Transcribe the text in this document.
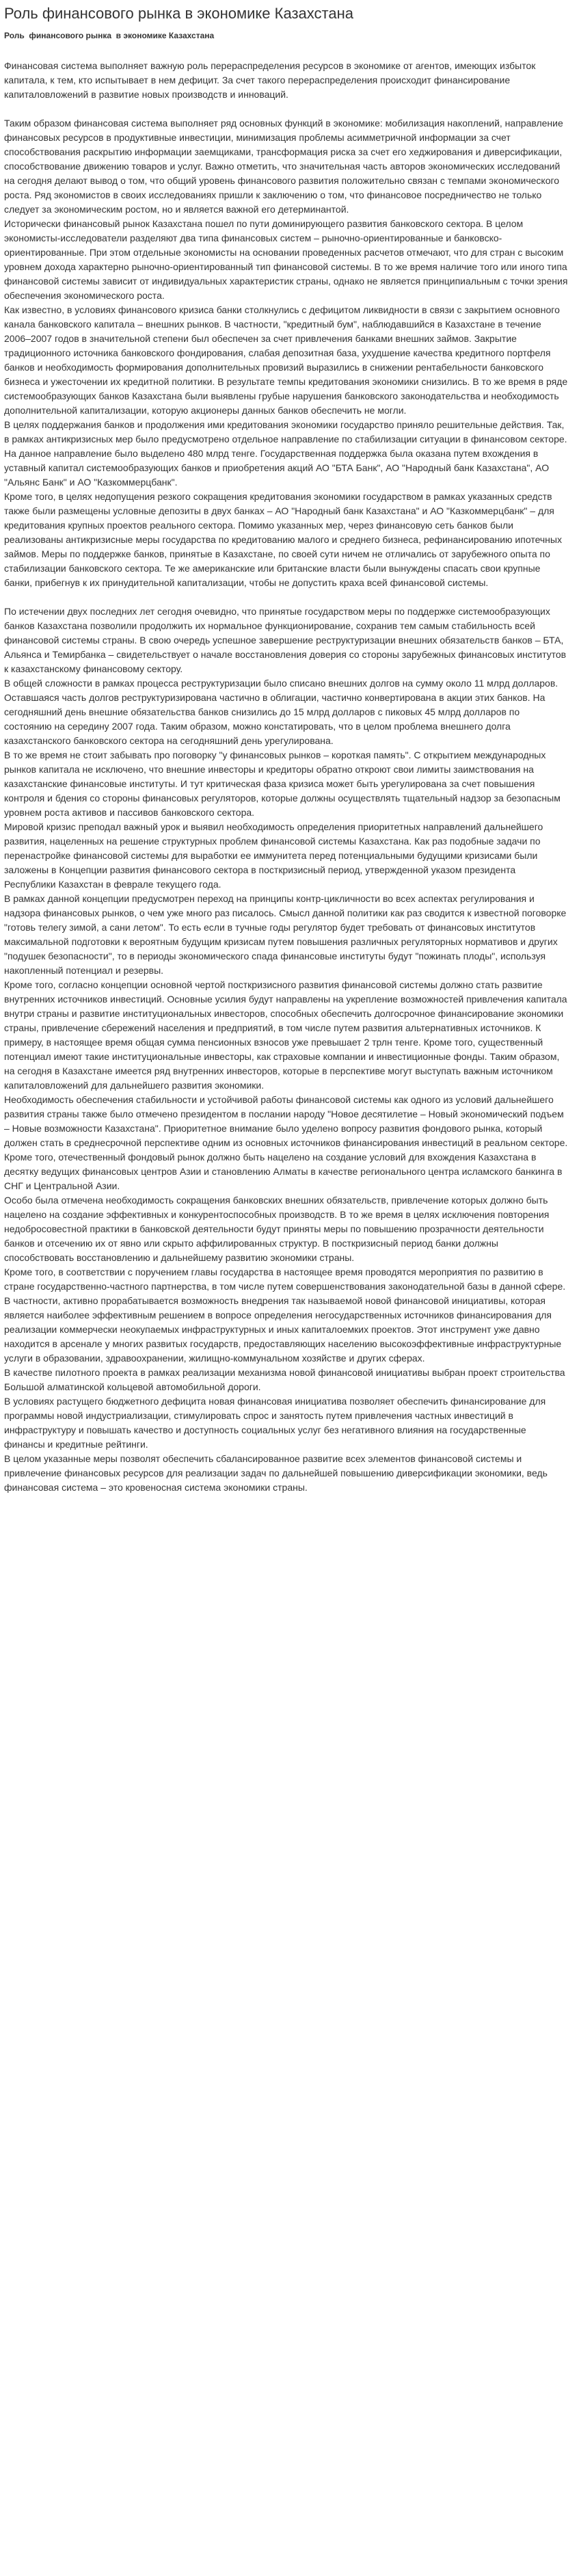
Роль финансового рынка в экономике Казахстана
Роль  финансового рынка  в экономике Казахстана

Финансовая система выполняет важную роль перераспределения ресурсов в экономике от агентов, имеющих избыток капитала, к тем, кто испытывает в нем дефицит. За счет такого перераспределения происходит финансирование капиталовложений в развитие новых производств и инноваций.

Таким образом финансовая система выполняет ряд основных функций в экономике: мобилизация накоплений, направление финансовых ресурсов в продуктивные инвестиции, минимизация проблемы асимметричной информации за счет способствования раскрытию информации заемщиками, трансформация риска за счет его хеджирования и диверсификации, способствование движению товаров и услуг. Важно отметить, что значительная часть авторов экономических исследований на сегодня делают вывод о том, что общий уровень финансового развития положительно связан с темпами экономического роста. Ряд экономистов в своих исследованиях пришли к заключению о том, что финансовое посредничество не только следует за экономическим ростом, но и является важной его детерминантой.

Исторически финансовый рынок Казахстана пошел по пути доминирующего развития банковского сектора. В целом экономисты-исследователи разделяют два типа финансовых систем – рыночно-ориентированные и банковско-ориентированные. При этом отдельные экономисты на основании проведенных расчетов отмечают, что для стран с высоким уровнем дохода характерно рыночно-ориентированный тип финансовой системы. В то же время наличие того или иного типа финансовой системы зависит от индивидуальных характеристик страны, однако не является принципиальным с точки зрения обеспечения экономического роста.

Как известно, в условиях финансового кризиса банки столкнулись с дефицитом ликвидности в связи с закрытием основного канала банковского капитала – внешних рынков. В частности, "кредитный бум", наблюдавшийся в Казахстане в течение 2006–2007 годов в значительной степени был обеспечен за счет привлечения банками внешних займов. Закрытие традиционного источника банковского фондирования, слабая депозитная база, ухудшение качества кредитного портфеля банков и необходимость формирования дополнительных провизий выразились в снижении рентабельности банковского бизнеса и ужесточении их кредитной политики. В результате темпы кредитования экономики снизились. В то же время в ряде системообразующих банков Казахстана были выявлены грубые нарушения банковского законодательства и необходимость дополнительной капитализации, которую акционеры данных банков обеспечить не могли.

В целях поддержания банков и продолжения ими кредитования экономики государство приняло решительные действия. Так, в рамках антикризисных мер было предусмотрено отдельное направление по стабилизации ситуации в финансовом секторе. На данное направление было выделено 480 млрд тенге. Государственная поддержка была оказана путем вхождения в уставный капитал системообразующих банков и приобретения акций АО "БТА Банк", АО "Народный банк Казахстана", АО "Альянс Банк" и АО "Казкоммерцбанк".

Кроме того, в целях недопущения резкого сокращения кредитования экономики государством в рамках указанных средств также были размещены условные депозиты в двух банках – АО "Народный банк Казахстана" и АО "Казкоммерцбанк" – для кредитования крупных проектов реального сектора. Помимо указанных мер, через финансовую сеть банков были реализованы антикризисные меры государства по кредитованию малого и среднего бизнеса, рефинансированию ипотечных займов. Меры по поддержке банков, принятые в Казахстане, по своей сути ничем не отличались от зарубежного опыта по стабилизации банковского сектора. Те же американские или британские власти были вынуждены спасать свои крупные банки, прибегнув к их принудительной капитализации, чтобы не допустить краха всей финансовой системы.

По истечении двух последних лет сегодня очевидно, что принятые государством меры по поддержке системообразующих банков Казахстана позволили продолжить их нормальное функционирование, сохранив тем самым стабильность всей финансовой системы страны. В свою очередь успешное завершение реструктуризации внешних обязательств банков – БТА, Альянса и Темирбанка – свидетельствует о начале восстановления доверия со стороны зарубежных финансовых институтов к казахстанскому финансовому сектору.

В общей сложности в рамках процесса реструктуризации было списано внешних долгов на сумму около 11 млрд долларов. Оставшаяся часть долгов реструктуризирована частично в облигации, частично конвертирована в акции этих банков. На сегодняшний день внешние обязательства банков снизились до 15 млрд долларов с пиковых 45 млрд долларов по состоянию на середину 2007 года. Таким образом, можно констатировать, что в целом проблема внешнего долга казахстанского банковского сектора на сегодняшний день урегулирована.

В то же время не стоит забывать про поговорку "у финансовых рынков – короткая память". С открытием международных рынков капитала не исключено, что внешние инвесторы и кредиторы обратно откроют свои лимиты заимствования на казахстанские финансовые институты. И тут критическая фаза кризиса может быть урегулирована за счет повышения контроля и бдения со стороны финансовых регуляторов, которые должны осуществлять тщательный надзор за безопасным уровнем роста активов и пассивов банковского сектора.

Мировой кризис преподал важный урок и выявил необходимость определения приоритетных направлений дальнейшего развития, нацеленных на решение структурных проблем финансовой системы Казахстана. Как раз подобные задачи по перенастройке финансовой системы для выработки ее иммунитета перед потенциальными будущими кризисами были заложены в Концепции развития финансового сектора в посткризисный период, утвержденной указом президента Республики Казахстан в феврале текущего года.

В рамках данной концепции предусмотрен переход на принципы контр-цикличности во всех аспектах регулирования и надзора финансовых рынков, о чем уже много раз писалось. Смысл данной политики как раз сводится к известной поговорке "готовь телегу зимой, а сани летом". То есть если в тучные годы регулятор будет требовать от финансовых институтов максимальной подготовки к вероятным будущим кризисам путем повышения различных регуляторных нормативов и других "подушек безопасности", то в периоды экономического спада финансовые институты будут "пожинать плоды", используя накопленный потенциал и резервы.

Кроме того, согласно концепции основной чертой посткризисного развития финансовой системы должно стать развитие внутренних источников инвестиций. Основные усилия будут направлены на укрепление возможностей привлечения капитала внутри страны и развитие институциональных инвесторов, способных обеспечить долгосрочное финансирование экономики страны, привлечение сбережений населения и предприятий, в том числе путем развития альтернативных источников. К примеру, в настоящее время общая сумма пенсионных взносов уже превышает 2 трлн тенге. Кроме того, существенный потенциал имеют такие институциональные инвесторы, как страховые компании и инвестиционные фонды. Таким образом, на сегодня в Казахстане имеется ряд внутренних инвесторов, которые в перспективе могут выступать важным источником капиталовложений для дальнейшего развития экономики.

Необходимость обеспечения стабильности и устойчивой работы финансовой системы как одного из условий дальнейшего развития страны также было отмечено президентом в послании народу "Новое десятилетие – Новый экономический подъем – Новые возможности Казахстана". Приоритетное внимание было уделено вопросу развития фондового рынка, который должен стать в среднесрочной перспективе одним из основных источников финансирования инвестиций в реальном секторе. Кроме того, отечественный фондовый рынок должно быть нацелено на создание условий для вхождения Казахстана в десятку ведущих финансовых центров Азии и становлению Алматы в качестве регионального центра исламского банкинга в СНГ и Центральной Азии.

Особо была отмечена необходимость сокращения банковских внешних обязательств, привлечение которых должно быть нацелено на создание эффективных и конкурентоспособных производств. В то же время в целях исключения повторения недобросовестной практики в банковской деятельности будут приняты меры по повышению прозрачности деятельности банков и отсечению их от явно или скрыто аффилированных структур. В посткризисный период банки должны способствовать восстановлению и дальнейшему развитию экономики страны.

Кроме того, в соответствии с поручением главы государства в настоящее время проводятся мероприятия по развитию в стране государственно-частного партнерства, в том числе путем совершенствования законодательной базы в данной сфере.

В частности, активно прорабатывается возможность внедрения так называемой новой финансовой инициативы, которая является наиболее эффективным решением в вопросе определения негосударственных источников финансирования для реализации коммерчески неокупаемых инфраструктурных и иных капиталоемких проектов. Этот инструмент уже давно находится в арсенале у многих развитых государств, предоставляющих населению высокоэффективные инфраструктурные услуги в образовании, здравоохранении, жилищно-коммунальном хозяйстве и других сферах.

В качестве пилотного проекта в рамках реализации механизма новой финансовой инициативы выбран проект строительства Большой алматинской кольцевой автомобильной дороги.

В условиях растущего бюджетного дефицита новая финансовая инициатива позволяет обеспечить финансирование для программы новой индустриализации, стимулировать спрос и занятость путем привлечения частных инвестиций в инфраструктуру и повышать качество и доступность социальных услуг без негативного влияния на государственные финансы и кредитные рейтинги.

В целом указанные меры позволят обеспечить сбалансированное развитие всех элементов финансовой системы и привлечение финансовых ресурсов для реализации задач по дальнейшей повышению диверсификации экономики, ведь финансовая система – это кровеносная система экономики страны.
